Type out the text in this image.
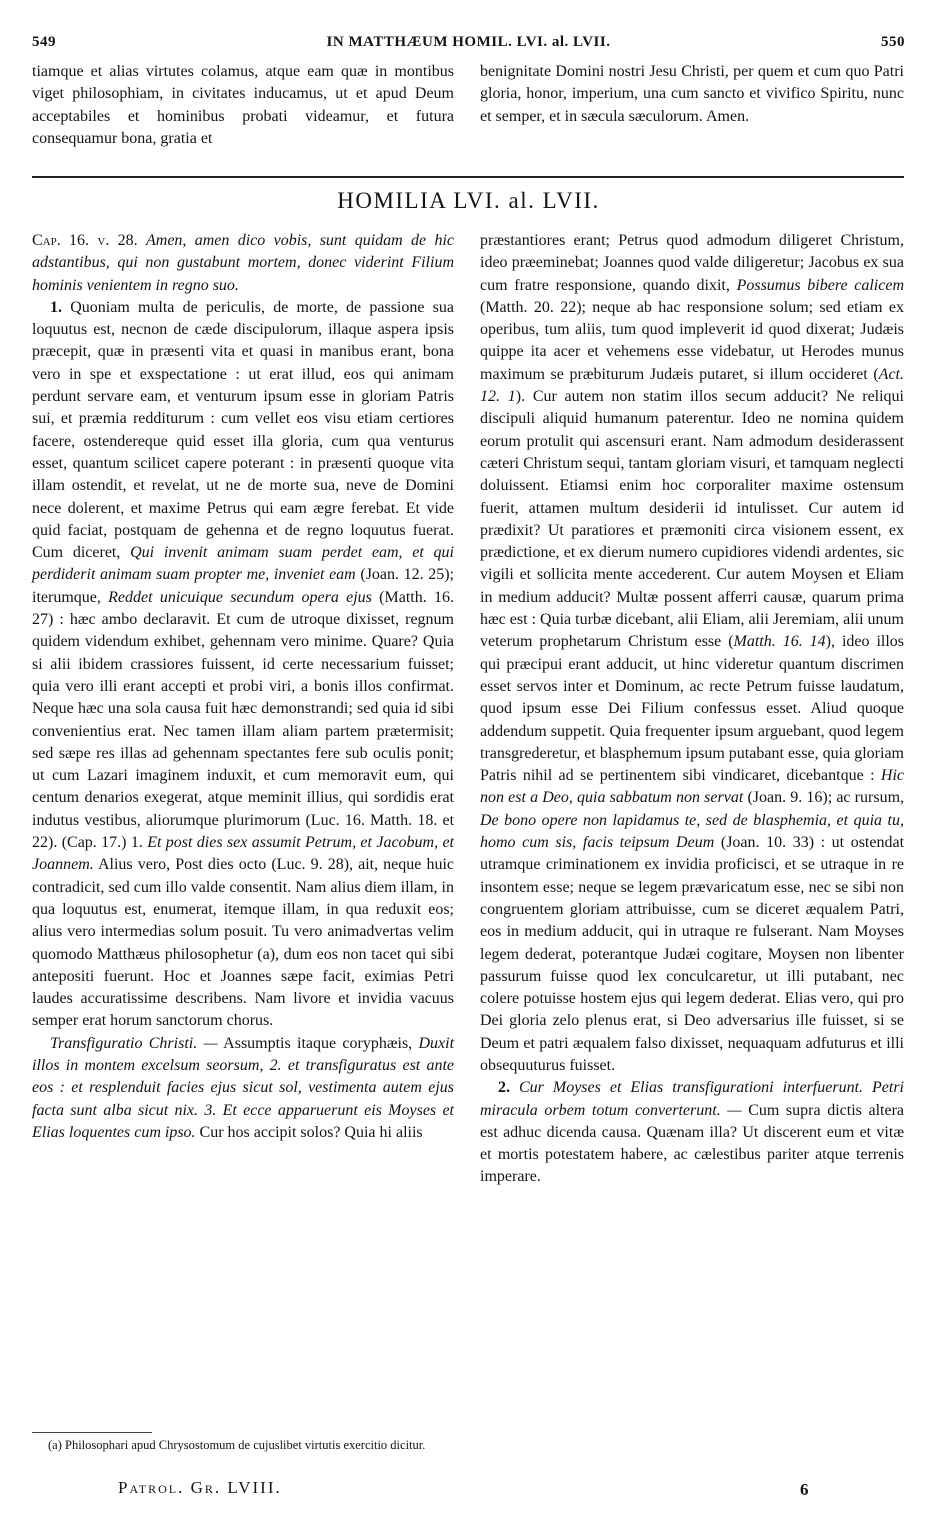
549	IN MATTHÆUM HOMIL. LVI. al. LVII.	550

tiamque et alias virtutes colamus, atque eam quæ in montibus viget philosophiam, in civitates inducamus, ut et apud Deum acceptabiles et hominibus probati videamur, et futura consequamur bona, gratia et

benignitate Domini nostri Jesu Christi, per quem et cum quo Patri gloria, honor, imperium, una cum sancto et vivifico Spiritu, nunc et semper, et in sæcula sæculorum. Amen.

HOMILIA LVI. al. LVII.

Cap. 16. v. 28. Amen, amen dico vobis, sunt quidam de hic adstantibus, qui non gustabunt mortem, donec viderint Filium hominis venientem in regno suo.

1. Quoniam multa de periculis, de morte, de passione sua loquutus est, necnon de cæde discipulorum, illaque aspera ipsis præcepit, quæ in præsenti vita et quasi in manibus erant, bona vero in spe et exspectatione : ut erat illud, eos qui animam perdunt servare eam, et venturum ipsum esse in gloriam Patris sui, et præmia redditurum : cum vellet eos visu etiam certiores facere, ostendereque quid esset illa gloria, cum qua venturus esset, quantum scilicet capere poterant : in præsenti quoque vita illam ostendit, et revelat, ut ne de morte sua, neve de Domini nece dolerent, et maxime Petrus qui eam ægre ferebat. Et vide quid faciat, postquam de gehenna et de regno loquutus fuerat. Cum diceret, Qui invenit animam suam perdet eam, et qui perdiderit animam suam propter me, inveniet eam (Joan. 12. 25); iterumque, Reddet unicuique secundum opera ejus (Matth. 16. 27) : hæc ambo declaravit. Et cum de utroque dixisset, regnum quidem videndum exhibet, gehennam vero minime. Quare? Quia si alii ibidem crassiores fuissent, id certe necessarium fuisset; quia vero illi erant accepti et probi viri, a bonis illos confirmat. Neque hæc una sola causa fuit hæc demonstrandi; sed quia id sibi convenientius erat. Nec tamen illam aliam partem prætermisit; sed sæpe res illas ad gehennam spectantes fere sub oculis ponit; ut cum Lazari imaginem induxit, et cum memoravit eum, qui centum denarios exegerat, atque meminit illius, qui sordidis erat indutus vestibus, aliorumque plurimorum (Luc. 16. Matth. 18. et 22). (Cap. 17.) 1. Et post dies sex assumit Petrum, et Jacobum, et Joannem. Alius vero, Post dies octo (Luc. 9. 28), ait, neque huic contradicit, sed cum illo valde consentit. Nam alius diem illam, in qua loquutus est, enumerat, itemque illam, in qua reduxit eos; alius vero intermedias solum posuit. Tu vero animadvertas velim quomodo Matthæus philosophetur (a), dum eos non tacet qui sibi antepositi fuerunt. Hoc et Joannes sæpe facit, eximias Petri laudes accuratissime describens. Nam livore et invidia vacuus semper erat horum sanctorum chorus.

Transfiguratio Christi. — Assumptis itaque coryphæis, Duxit illos in montem excelsum seorsum, 2. et transfiguratus est ante eos : et resplenduit facies ejus sicut sol, vestimenta autem ejus facta sunt alba sicut nix. 3. Et ecce apparuerunt eis Moyses et Elias loquentes cum ipso. Cur hos accipit solos? Quia hi aliis

præstantiores erant; Petrus quod admodum diligeret Christum, ideo præeminebat; Joannes quod valde diligeretur; Jacobus ex sua cum fratre responsione, quando dixit, Possumus bibere calicem (Matth. 20. 22); neque ab hac responsione solum; sed etiam ex operibus, tum aliis, tum quod impleverit id quod dixerat; Judæis quippe ita acer et vehemens esse videbatur, ut Herodes munus maximum se præbiturum Judæis putaret, si illum occideret (Act. 12. 1). Cur autem non statim illos secum adducit? Ne reliqui discipuli aliquid humanum paterentur. Ideo ne nomina quidem eorum protulit qui ascensuri erant. Nam admodum desiderassent cæteri Christum sequi, tantam gloriam visuri, et tamquam neglecti doluissent. Etiamsi enim hoc corporaliter maxime ostensum fuerit, attamen multum desiderii id intulisset. Cur autem id prædixit? Ut paratiores et præmoniti circa visionem essent, ex prædictione, et ex dierum numero cupidiores videndi ardentes, sic vigili et sollicita mente accederent. Cur autem Moysen et Eliam in medium adducit? Multæ possent afferri causæ, quarum prima hæc est : Quia turbæ dicebant, alii Eliam, alii Jeremiam, alii unum veterum prophetarum Christum esse (Matth. 16. 14), ideo illos qui præcipui erant adducit, ut hinc videretur quantum discrimen esset servos inter et Dominum, ac recte Petrum fuisse laudatum, quod ipsum esse Dei Filium confessus esset. Aliud quoque addendum suppetit. Quia frequenter ipsum arguebant, quod legem transgrederetur, et blasphemum ipsum putabant esse, quia gloriam Patris nihil ad se pertinentem sibi vindicaret, dicebantque : Hic non est a Deo, quia sabbatum non servat (Joan. 9. 16); ac rursum, De bono opere non lapidamus te, sed de blasphemia, et quia tu, homo cum sis, facis teipsum Deum (Joan. 10. 33) : ut ostendat utramque criminationem ex invidia proficisci, et se utraque in re insontem esse; neque se legem prævaricatum esse, nec se sibi non congruentem gloriam attribuisse, cum se diceret æqualem Patri, eos in medium adducit, qui in utraque re fulserant. Nam Moyses legem dederat, poterantque Judæi cogitare, Moysen non libenter passurum fuisse quod lex conculcaretur, ut illi putabant, nec colere potuisse hostem ejus qui legem dederat. Elias vero, qui pro Dei gloria zelo plenus erat, si Deo adversarius ille fuisset, si se Deum et patri æqualem falso dixisset, nequaquam adfuturus et illi obsequuturus fuisset.

2. Cur Moyses et Elias transfigurationi interfuerunt. Petri miracula orbem totum converterunt. — Cum supra dictis altera est adhuc dicenda causa. Quænam illa? Ut discerent eum et vitæ et mortis potestatem habere, ac cælestibus pariter atque terrenis imperare.

(a) Philosophari apud Chrysostomum de cujuslibet virtutis exercitio dicitur.
Patrol. Gr. LVIII.	6
